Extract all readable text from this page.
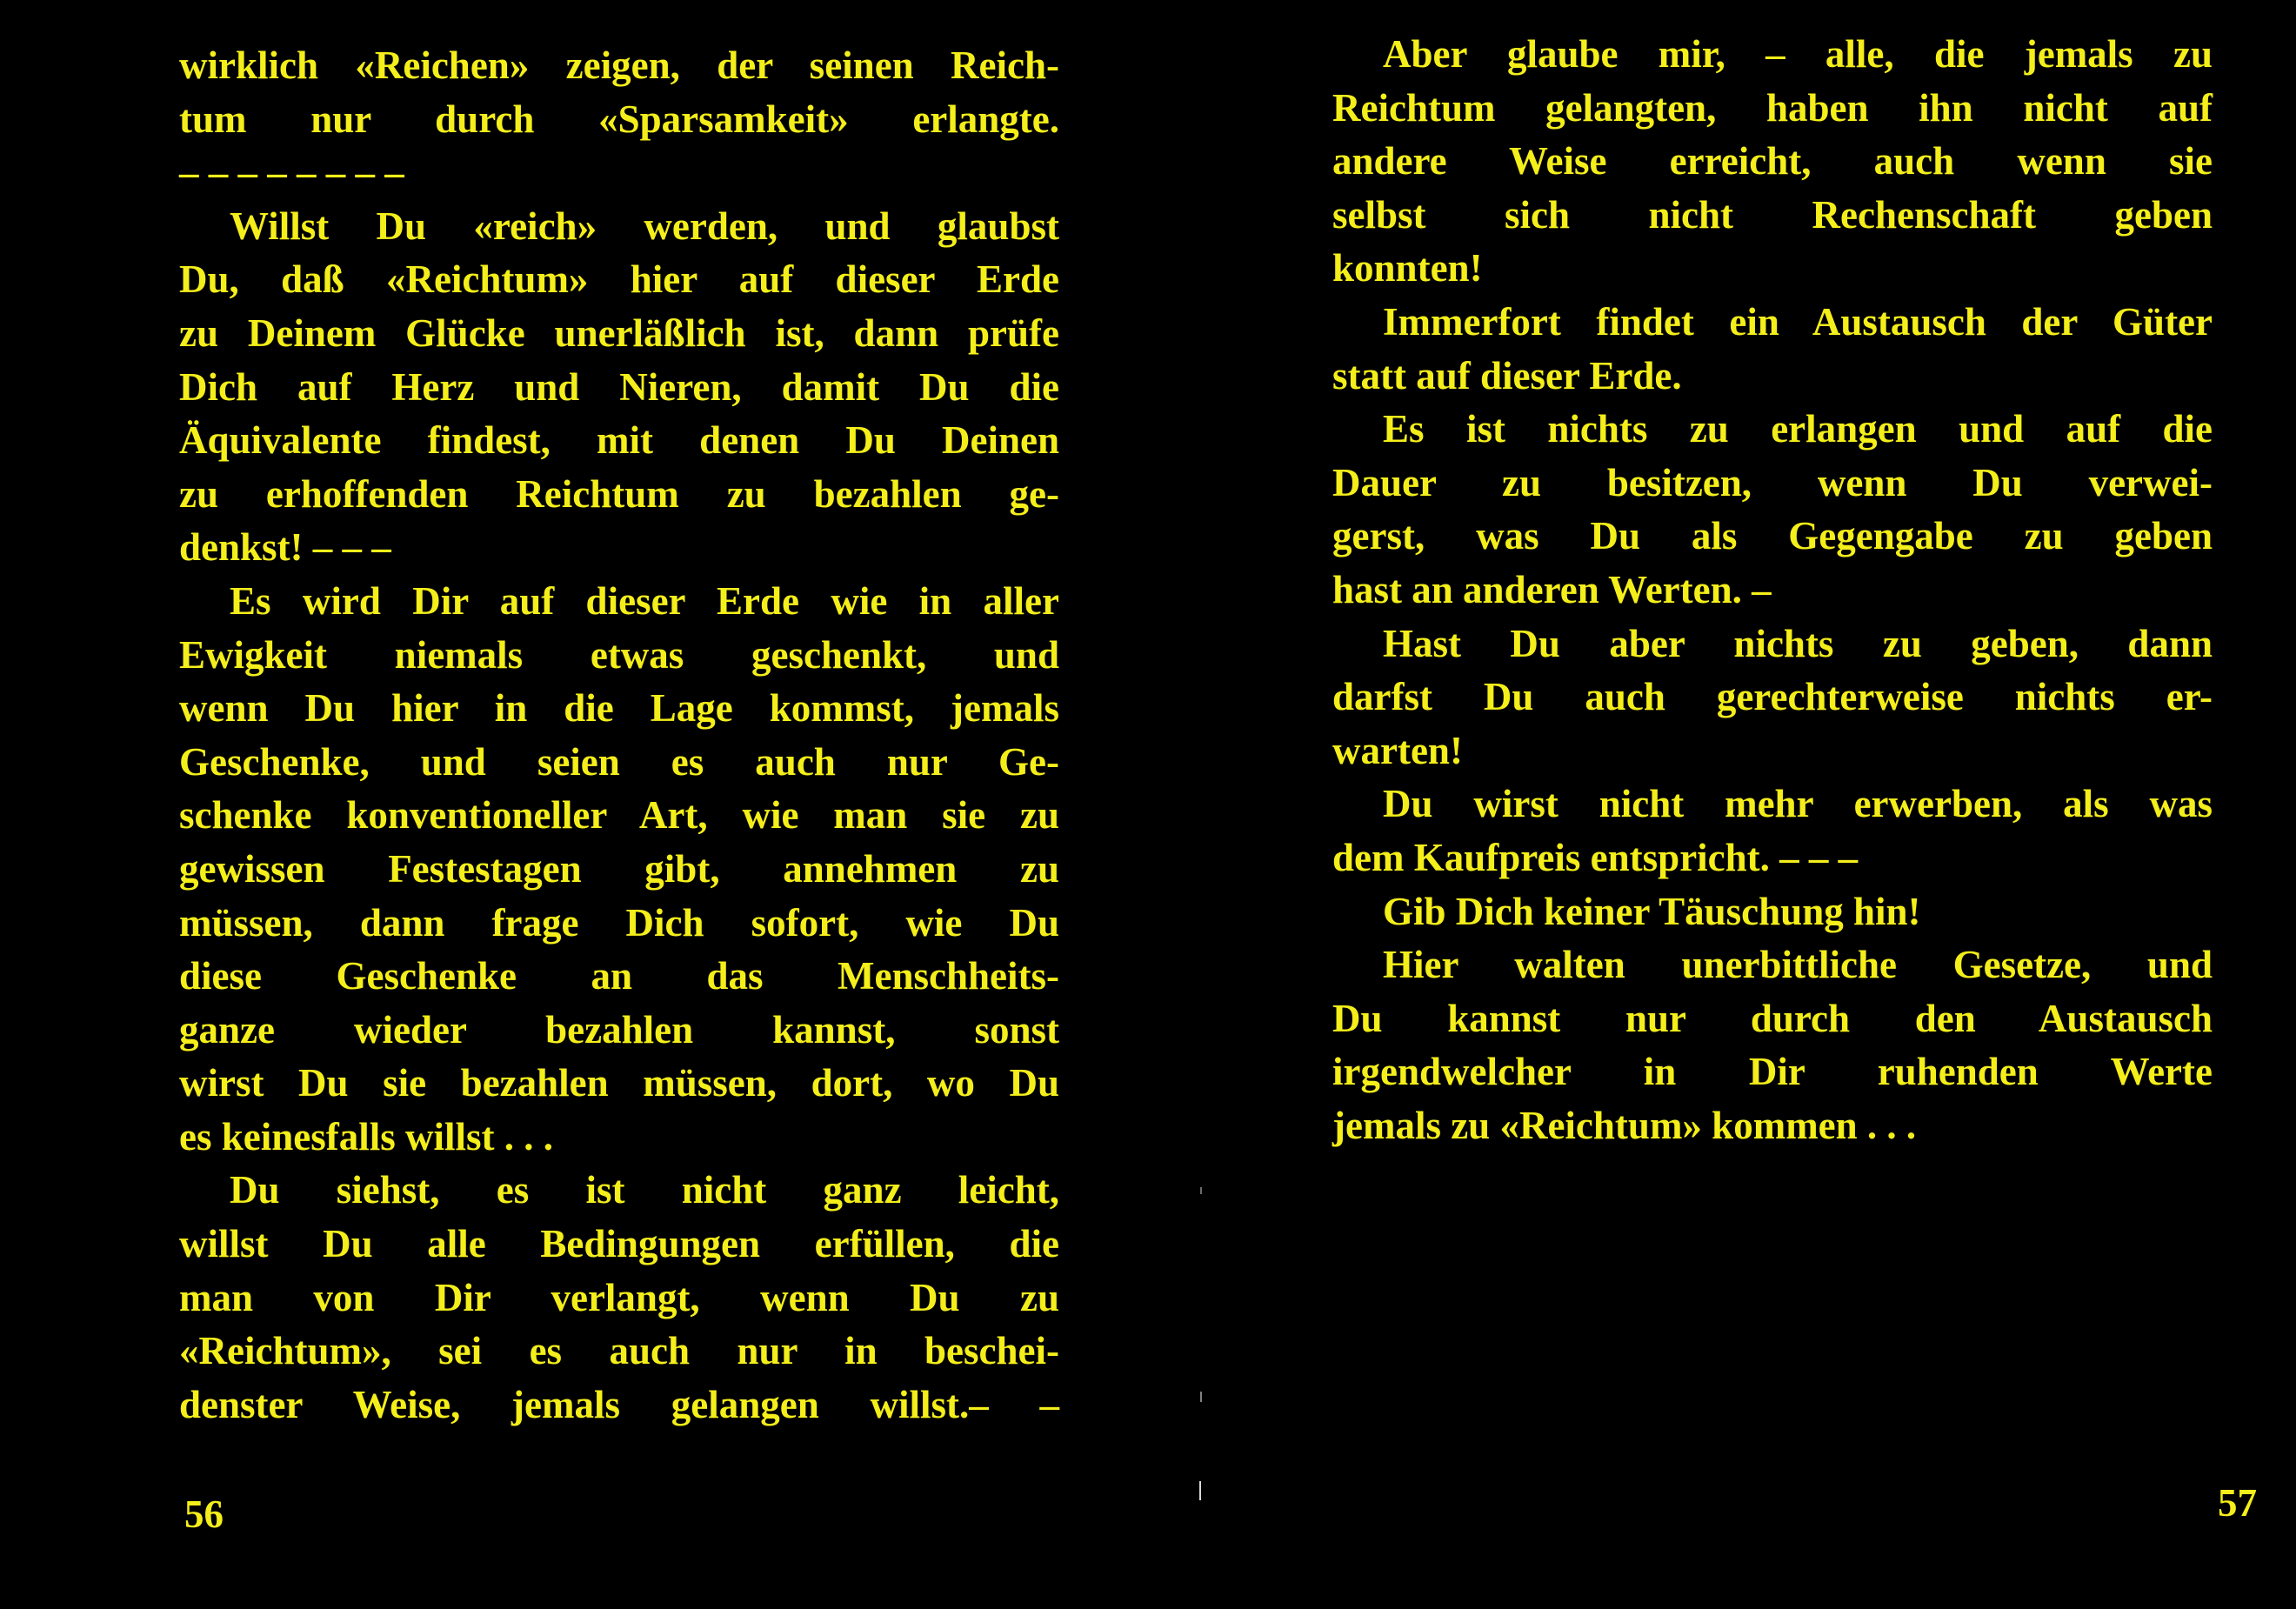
wirklich «Reichen» zeigen, der seinen Reich-
tum nur durch «Sparsamkeit» erlangte.
– – – – – – – –
Willst Du «reich» werden, und glaubst
Du, daß «Reichtum» hier auf dieser Erde
zu Deinem Glücke unerläßlich ist, dann prüfe
Dich auf Herz und Nieren, damit Du die
Äquivalente findest, mit denen Du Deinen
zu erhoffenden Reichtum zu bezahlen ge-
denkst! – – –
Es wird Dir auf dieser Erde wie in aller
Ewigkeit niemals etwas geschenkt, und
wenn Du hier in die Lage kommst, jemals
Geschenke, und seien es auch nur Ge-
schenke konventioneller Art, wie man sie zu
gewissen Festestagen gibt, annehmen zu
müssen, dann frage Dich sofort, wie Du
diese Geschenke an das Menschheits-
ganze wieder bezahlen kannst, sonst
wirst Du sie bezahlen müssen, dort, wo Du
es keinesfalls willst . . .
Du siehst, es ist nicht ganz leicht,
willst Du alle Bedingungen erfüllen, die
man von Dir verlangt, wenn Du zu
«Reichtum», sei es auch nur in beschei-
denster Weise, jemals gelangen willst.– –
56
Aber glaube mir, – alle, die jemals zu
Reichtum gelangten, haben ihn nicht auf
andere Weise erreicht, auch wenn sie
selbst sich nicht Rechenschaft geben
konnten!
Immerfort findet ein Austausch der Güter
statt auf dieser Erde.
Es ist nichts zu erlangen und auf die
Dauer zu besitzen, wenn Du verwei-
gerst, was Du als Gegengabe zu geben
hast an anderen Werten. –
Hast Du aber nichts zu geben, dann
darfst Du auch gerechterweise nichts er-
warten!
Du wirst nicht mehr erwerben, als was
dem Kaufpreis entspricht. – – –
Gib Dich keiner Täuschung hin!
Hier walten unerbittliche Gesetze, und
Du kannst nur durch den Austausch
irgendwelcher in Dir ruhenden Werte
jemals zu «Reichtum» kommen . . .
57
